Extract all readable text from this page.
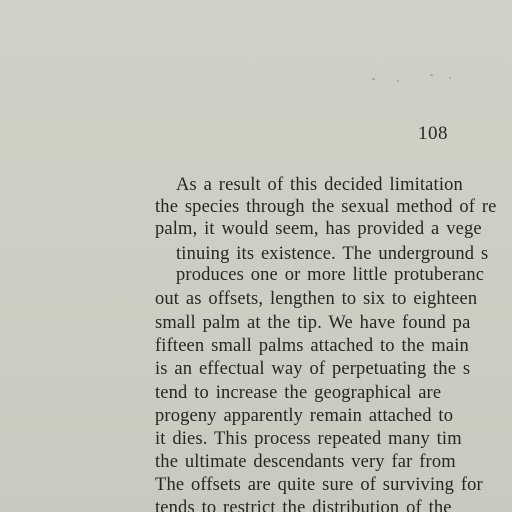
108
As a result of this decided limitation
the species through the sexual method of re
palm, it would seem, has provided a vege
tinuing its existence. The underground s
produces one or more little protuberanc
out as offsets, lengthen to six to eighteen
small palm at the tip. We have found pa
fifteen small palms attached to the main
is an effectual way of perpetuating the s
tend to increase the geographical are
progeny apparently remain attached to
it dies. This process repeated many tim
the ultimate descendants very far from
The offsets are quite sure of surviving for
tends to restrict the distribution of the
